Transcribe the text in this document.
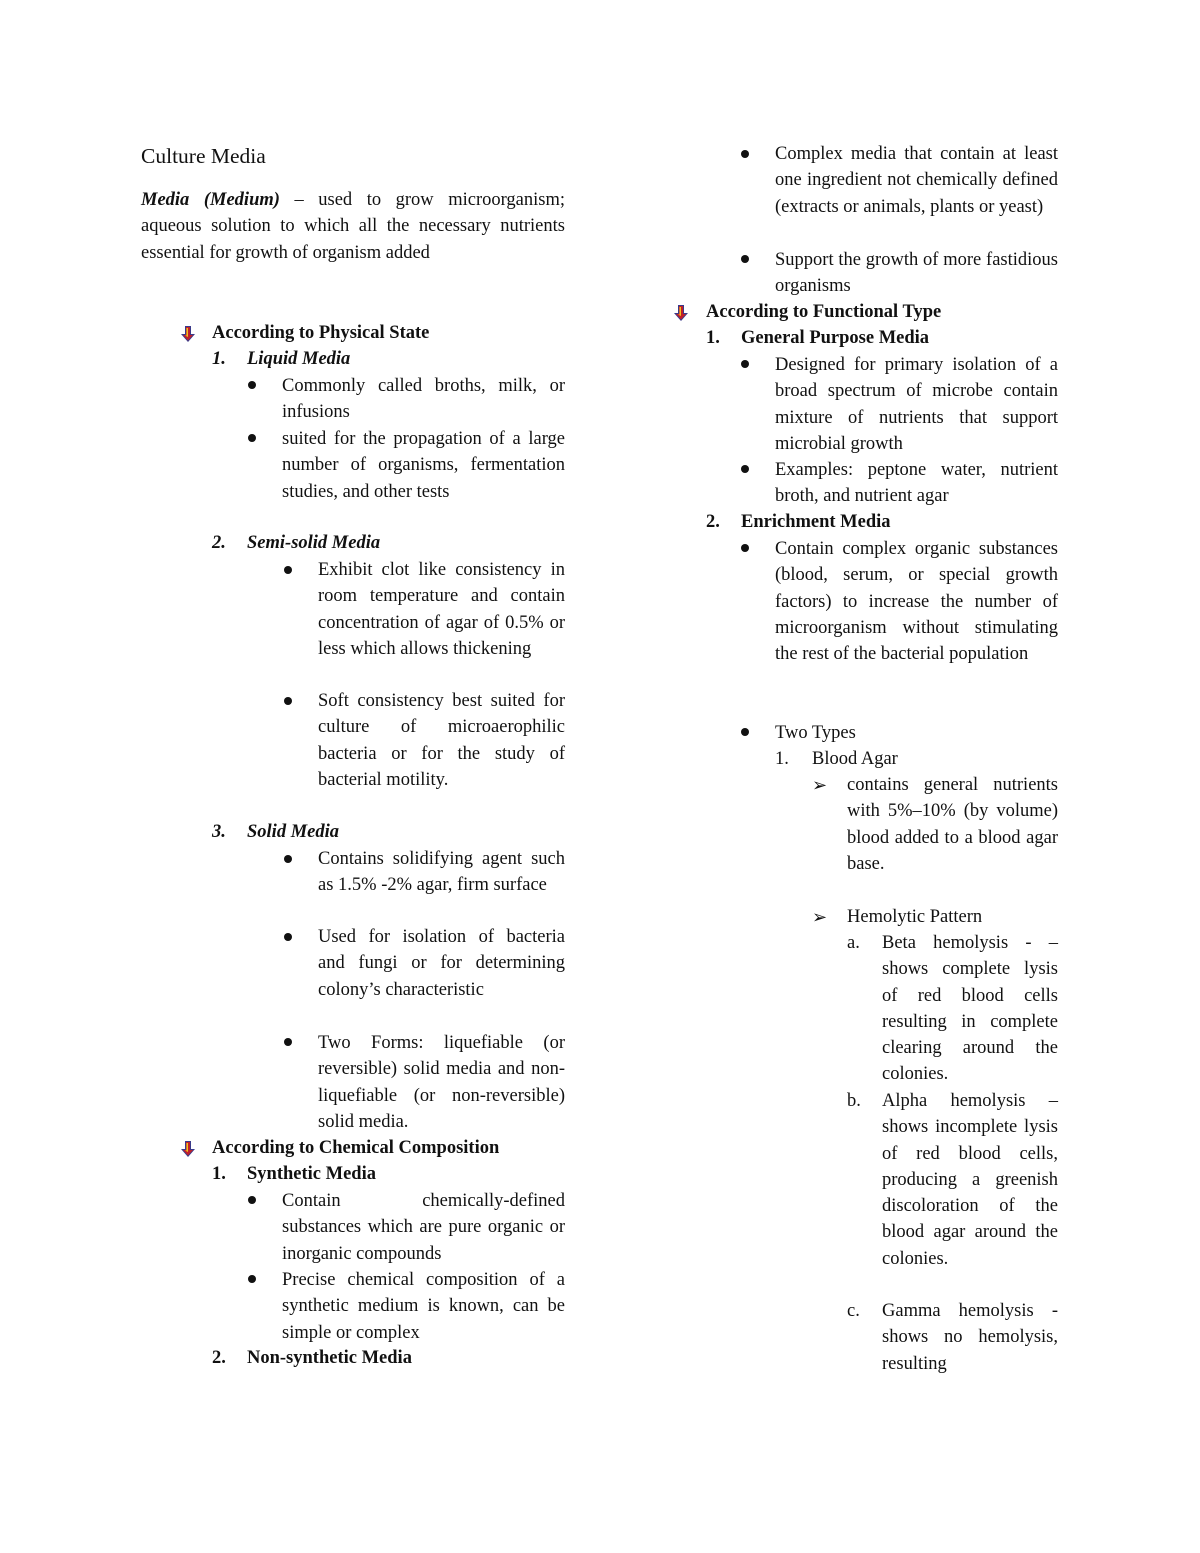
Culture Media
Media (Medium) – used to grow microorganism; aqueous solution to which all the necessary nutrients essential for growth of organism added
According to Physical State
1. Liquid Media
Commonly called broths, milk, or infusions
suited for the propagation of a large number of organisms, fermentation studies, and other tests
2. Semi-solid Media
Exhibit clot like consistency in room temperature and contain concentration of agar of 0.5% or less which allows thickening
Soft consistency best suited for culture of microaerophilic bacteria or for the study of bacterial motility.
3. Solid Media
Contains solidifying agent such as 1.5% -2% agar, firm surface
Used for isolation of bacteria and fungi or for determining colony’s characteristic
Two Forms: liquefiable (or reversible) solid media and non-liquefiable (or non-reversible) solid media.
According to Chemical Composition
1. Synthetic Media
Contain chemically-defined substances which are pure organic or inorganic compounds
Precise chemical composition of a synthetic medium is known, can be simple or complex
2. Non-synthetic Media
Complex media that contain at least one ingredient not chemically defined (extracts or animals, plants or yeast)
Support the growth of more fastidious organisms
According to Functional Type
1. General Purpose Media
Designed for primary isolation of a broad spectrum of microbe contain mixture of nutrients that support microbial growth
Examples: peptone water, nutrient broth, and nutrient agar
2. Enrichment Media
Contain complex organic substances (blood, serum, or special growth factors) to increase the number of microorganism without stimulating the rest of the bacterial population
Two Types
1. Blood Agar
➢ contains general nutrients with 5%–10% (by volume) blood added to a blood agar base.
➢ Hemolytic Pattern
a. Beta hemolysis - – shows complete lysis of red blood cells resulting in complete clearing around the colonies.
b. Alpha hemolysis – shows incomplete lysis of red blood cells, producing a greenish discoloration of the blood agar around the colonies.
c. Gamma hemolysis - shows no hemolysis, resulting
